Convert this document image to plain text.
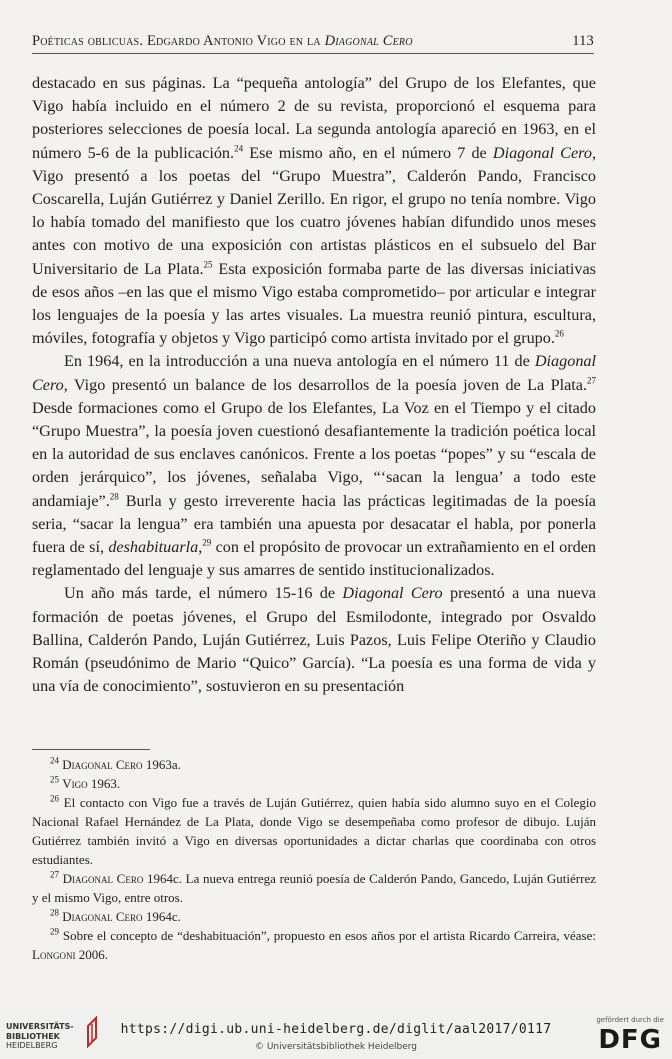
Poéticas oblicuas. Edgardo Antonio Vigo en la Diagonal Cero	113

destacado en sus páginas. La “pequeña antología” del Grupo de los Elefantes, que Vigo había incluido en el número 2 de su revista, proporcionó el esquema para posteriores selecciones de poesía local. La segunda antología apareció en 1963, en el número 5-6 de la publicación.$^{24}$ Ese mismo año, en el número 7 de Diagonal Cero, Vigo presentó a los poetas del “Grupo Muestra”, Calderón Pando, Francisco Coscarella, Luján Gutiérrez y Daniel Zerillo. En rigor, el grupo no tenía nombre. Vigo lo había tomado del manifiesto que los cuatro jóvenes habían difundido unos meses antes con motivo de una exposición con artistas plásticos en el subsuelo del Bar Universitario de La Plata.$^{25}$ Esta exposición formaba parte de las diversas iniciativas de esos años –en las que el mismo Vigo estaba comprometido– por articular e integrar los lenguajes de la poesía y las artes visuales. La muestra reunió pintura, escultura, móviles, fotografía y objetos y Vigo participó como artista invitado por el grupo.$^{26}$

En 1964, en la introducción a una nueva antología en el número 11 de Diagonal Cero, Vigo presentó un balance de los desarrollos de la poesía joven de La Plata.$^{27}$ Desde formaciones como el Grupo de los Elefantes, La Voz en el Tiempo y el citado “Grupo Muestra”, la poesía joven cuestionó desafiantemente la tradición poética local en la autoridad de sus enclaves canónicos. Frente a los poetas “popes” y su “escala de orden jerárquico”, los jóvenes, señalaba Vigo, “‘sacan la lengua’ a todo este andamiaje”.$^{28}$ Burla y gesto irreverente hacia las prácticas legitimadas de la poesía seria, “sacar la lengua” era también una apuesta por desacatar el habla, por ponerla fuera de sí, deshabituarla,$^{29}$ con el propósito de provocar un extrañamiento en el orden reglamentado del lenguaje y sus amarres de sentido institucionalizados.

Un año más tarde, el número 15-16 de Diagonal Cero presentó a una nueva formación de poetas jóvenes, el Grupo del Esmilodonte, integrado por Osvaldo Ballina, Calderón Pando, Luján Gutiérrez, Luis Pazos, Luis Felipe Oteriño y Claudio Román (pseudónimo de Mario “Quico” García). “La poesía es una forma de vida y una vía de conocimiento”, sostuvieron en su presentación

$^{24}$ Diagonal Cero 1963a.

$^{25}$ Vigo 1963.

$^{26}$ El contacto con Vigo fue a través de Luján Gutiérrez, quien había sido alumno suyo en el Colegio Nacional Rafael Hernández de La Plata, donde Vigo se desempeñaba como profesor de dibujo. Luján Gutiérrez también invitó a Vigo en diversas oportunidades a dictar charlas que coordinaba con otros estudiantes.

$^{27}$ Diagonal Cero 1964c. La nueva entrega reunió poesía de Calderón Pando, Gancedo, Luján Gutiérrez y el mismo Vigo, entre otros.

$^{28}$ Diagonal Cero 1964c.

$^{29}$ Sobre el concepto de “deshabituación”, propuesto en esos años por el artista Ricardo Carreira, véase: Longoni 2006.

UNIVERSITÄTS-
BIBLIOTHEK
HEIDELBERG
https://digi.ub.uni-heidelberg.de/diglit/aal2017/0117
© Universitätsbibliothek Heidelberg
gefördert durch die
DFG
